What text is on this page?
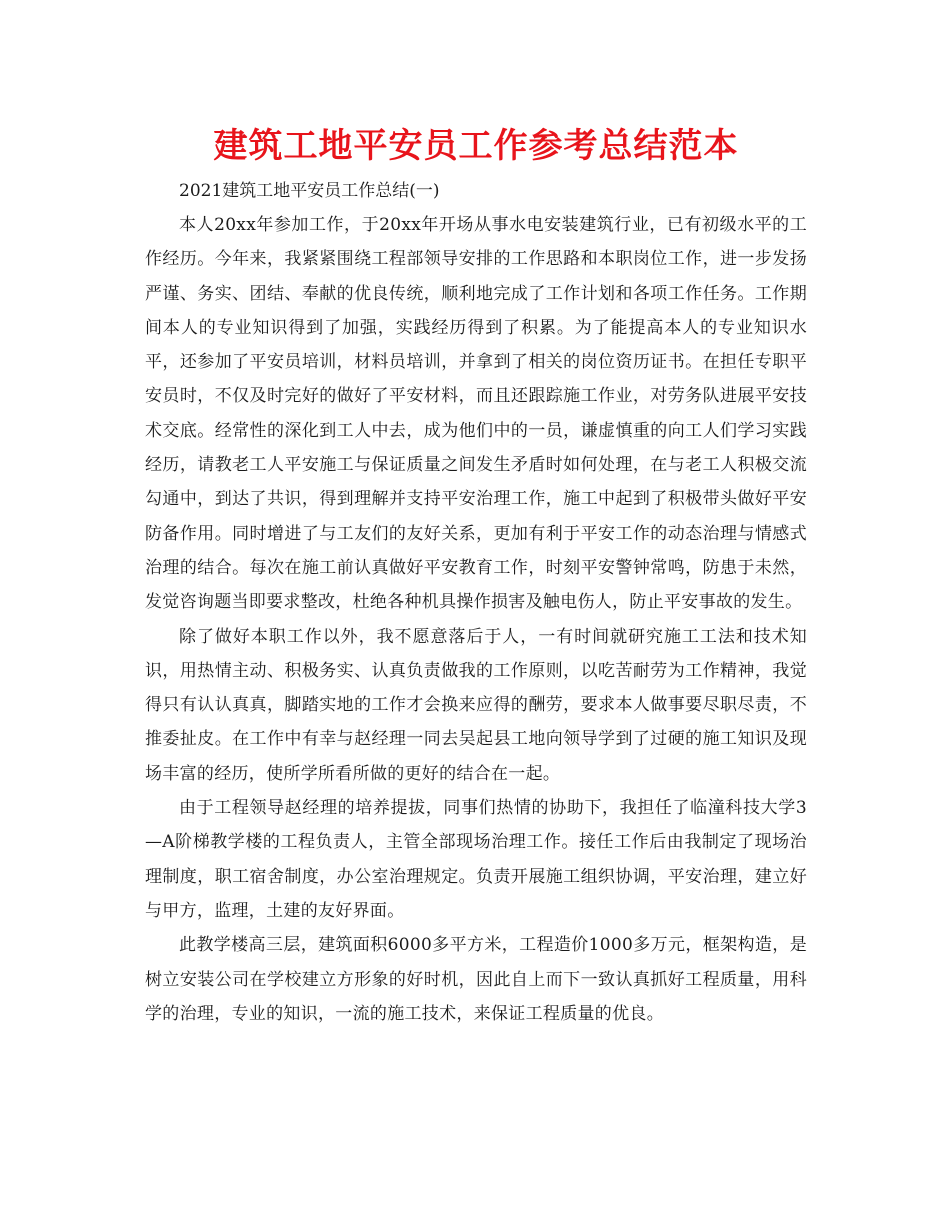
建筑工地平安员工作参考总结范本

2021建筑工地平安员工作总结(一)

本人20xx年参加工作，于20xx年开场从事水电安装建筑行业，已有初级水平的工作经历。今年来，我紧紧围绕工程部领导安排的工作思路和本职岗位工作，进一步发扬严谨、务实、团结、奉献的优良传统，顺利地完成了工作计划和各项工作任务。工作期间本人的专业知识得到了加强，实践经历得到了积累。为了能提高本人的专业知识水平，还参加了平安员培训，材料员培训，并拿到了相关的岗位资历证书。在担任专职平安员时，不仅及时完好的做好了平安材料，而且还跟踪施工作业，对劳务队进展平安技术交底。经常性的深化到工人中去，成为他们中的一员，谦虚慎重的向工人们学习实践经历，请教老工人平安施工与保证质量之间发生矛盾时如何处理，在与老工人积极交流勾通中，到达了共识，得到理解并支持平安治理工作，施工中起到了积极带头做好平安防备作用。同时增进了与工友们的友好关系，更加有利于平安工作的动态治理与情感式治理的结合。每次在施工前认真做好平安教育工作，时刻平安警钟常鸣，防患于未然，发觉咨询题当即要求整改，杜绝各种机具操作损害及触电伤人，防止平安事故的发生。

除了做好本职工作以外，我不愿意落后于人，一有时间就研究施工工法和技术知识，用热情主动、积极务实、认真负责做我的工作原则，以吃苦耐劳为工作精神，我觉得只有认认真真，脚踏实地的工作才会换来应得的酬劳，要求本人做事要尽职尽责，不推委扯皮。在工作中有幸与赵经理一同去吴起县工地向领导学到了过硬的施工知识及现场丰富的经历，使所学所看所做的更好的结合在一起。

由于工程领导赵经理的培养提拔，同事们热情的协助下，我担任了临潼科技大学3—A阶梯教学楼的工程负责人，主管全部现场治理工作。接任工作后由我制定了现场治理制度，职工宿舍制度，办公室治理规定。负责开展施工组织协调，平安治理，建立好与甲方，监理，土建的友好界面。

此教学楼高三层，建筑面积6000多平方米，工程造价1000多万元，框架构造，是树立安装公司在学校建立方形象的好时机，因此自上而下一致认真抓好工程质量，用科学的治理，专业的知识，一流的施工技术，来保证工程质量的优良。
